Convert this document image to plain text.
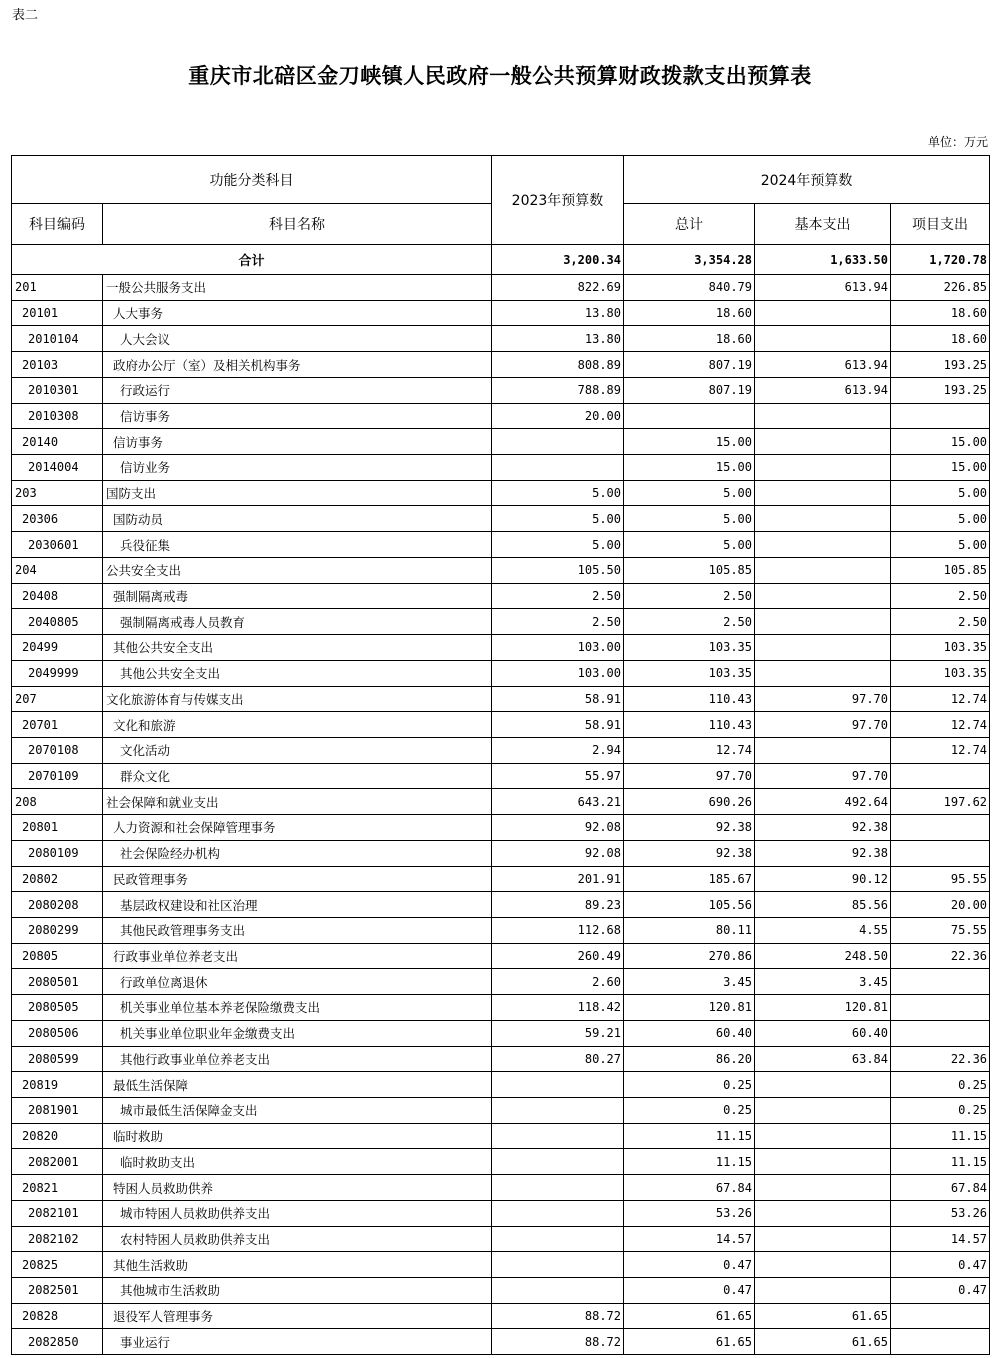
表二
重庆市北碚区金刀峡镇人民政府一般公共预算财政拨款支出预算表
单位：万元
功能分类科目		2023年预算数	2024年预算数		
科目编码	科目名称		总计	基本支出	项目支出
合计		3,200.34	3,354.28	1,633.50	1,720.78
201	一般公共服务支出	822.69	840.79	613.94	226.85
20101	人大事务	13.80	18.60		18.60
2010104	人大会议	13.80	18.60		18.60
20103	政府办公厅（室）及相关机构事务	808.89	807.19	613.94	193.25
2010301	行政运行	788.89	807.19	613.94	193.25
2010308	信访事务	20.00			
20140	信访事务		15.00		15.00
2014004	信访业务		15.00		15.00
203	国防支出	5.00	5.00		5.00
20306	国防动员	5.00	5.00		5.00
2030601	兵役征集	5.00	5.00		5.00
204	公共安全支出	105.50	105.85		105.85
20408	强制隔离戒毒	2.50	2.50		2.50
2040805	强制隔离戒毒人员教育	2.50	2.50		2.50
20499	其他公共安全支出	103.00	103.35		103.35
2049999	其他公共安全支出	103.00	103.35		103.35
207	文化旅游体育与传媒支出	58.91	110.43	97.70	12.74
20701	文化和旅游	58.91	110.43	97.70	12.74
2070108	文化活动	2.94	12.74		12.74
2070109	群众文化	55.97	97.70	97.70	
208	社会保障和就业支出	643.21	690.26	492.64	197.62
20801	人力资源和社会保障管理事务	92.08	92.38	92.38	
2080109	社会保险经办机构	92.08	92.38	92.38	
20802	民政管理事务	201.91	185.67	90.12	95.55
2080208	基层政权建设和社区治理	89.23	105.56	85.56	20.00
2080299	其他民政管理事务支出	112.68	80.11	4.55	75.55
20805	行政事业单位养老支出	260.49	270.86	248.50	22.36
2080501	行政单位离退休	2.60	3.45	3.45	
2080505	机关事业单位基本养老保险缴费支出	118.42	120.81	120.81	
2080506	机关事业单位职业年金缴费支出	59.21	60.40	60.40	
2080599	其他行政事业单位养老支出	80.27	86.20	63.84	22.36
20819	最低生活保障		0.25		0.25
2081901	城市最低生活保障金支出		0.25		0.25
20820	临时救助		11.15		11.15
2082001	临时救助支出		11.15		11.15
20821	特困人员救助供养		67.84		67.84
2082101	城市特困人员救助供养支出		53.26		53.26
2082102	农村特困人员救助供养支出		14.57		14.57
20825	其他生活救助		0.47		0.47
2082501	其他城市生活救助		0.47		0.47
20828	退役军人管理事务	88.72	61.65	61.65	
2082850	事业运行	88.72	61.65	61.65	
